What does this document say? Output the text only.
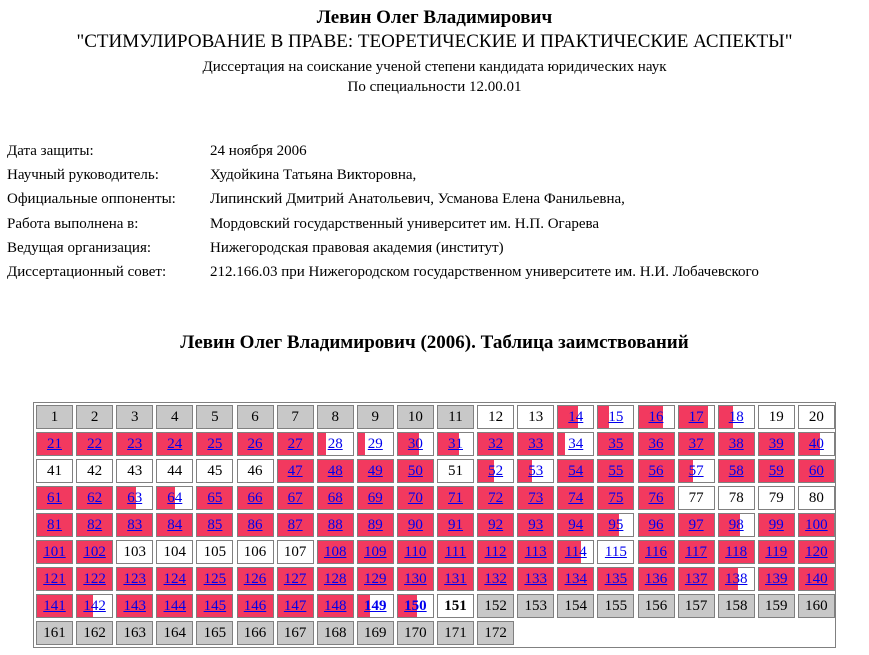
Левин Олег Владимирович
"СТИМУЛИРОВАНИЕ В ПРАВЕ: ТЕОРЕТИЧЕСКИЕ И ПРАКТИЧЕСКИЕ АСПЕКТЫ"
Диссертация на соискание ученой степени кандидата юридических наук
По специальности 12.00.01
Дата защиты:	24 ноября 2006
Научный руководитель:	Худойкина Татьяна Викторовна,
Официальные оппоненты: Липинский Дмитрий Анатольевич, Усманова Елена Фанильевна,
Работа выполнена в:	Мордовский государственный университет им. Н.П. Огарева
Ведущая организация:	Нижегородская правовая академия (институт)
Диссертационный совет:	212.166.03 при Нижегородском государственном университете им. Н.И. Лобачевского
Левин Олег Владимирович (2006). Таблица заимствований
1	2	3	4	5	6	7	8	9	10	11	12	13	14	15	16	17	18	19	20
21	22	23	24	25	26	27	28	29	30	31	32	33	34	35	36	37	38	39	40
41	42	43	44	45	46	47	48	49	50	51	52	53	54	55	56	57	58	59	60
61	62	63	64	65	66	67	68	69	70	71	72	73	74	75	76	77	78	79	80
81	82	83	84	85	86	87	88	89	90	91	92	93	94	95	96	97	98	99	100
101	102	103	104	105	106	107	108	109	110	111	112	113	114	115	116	117	118	119	120
121	122	123	124	125	126	127	128	129	130	131	132	133	134	135	136	137	138	139	140
141	142	143	144	145	146	147	148	149	150	151	152	153	154	155	156	157	158	159	160
161	162	163	164	165	166	167	168	169	170	171	172
